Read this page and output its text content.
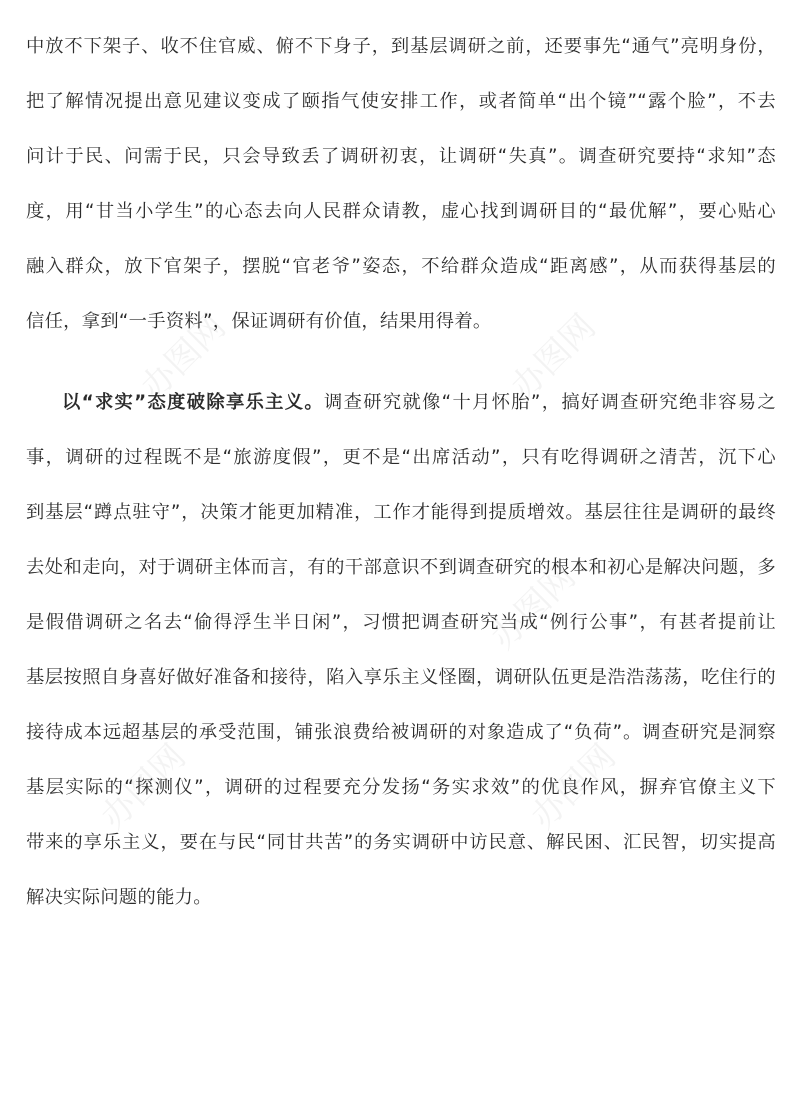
办图网	办图网
办图网
办图网	办图网
中放不下架子、收不住官威、俯不下身子，到基层调研之前，还要事先“通气”亮明身份，
把了解情况提出意见建议变成了颐指气使安排工作，或者简单“出个镜”“露个脸”，不去
问计于民、问需于民，只会导致丢了调研初衷，让调研“失真”。调查研究要持“求知”态
度，用“甘当小学生”的心态去向人民群众请教，虚心找到调研目的“最优解”，要心贴心
融入群众，放下官架子，摆脱“官老爷”姿态，不给群众造成“距离感”，从而获得基层的
信任，拿到“一手资料”，保证调研有价值，结果用得着。
以“求实”态度破除享乐主义。调查研究就像“十月怀胎”，搞好调查研究绝非容易之
事，调研的过程既不是“旅游度假”，更不是“出席活动”，只有吃得调研之清苦，沉下心
到基层“蹲点驻守”，决策才能更加精准，工作才能得到提质增效。基层往往是调研的最终
去处和走向，对于调研主体而言，有的干部意识不到调查研究的根本和初心是解决问题，多
是假借调研之名去“偷得浮生半日闲”，习惯把调查研究当成“例行公事”，有甚者提前让
基层按照自身喜好做好准备和接待，陷入享乐主义怪圈，调研队伍更是浩浩荡荡，吃住行的
接待成本远超基层的承受范围，铺张浪费给被调研的对象造成了“负荷”。调查研究是洞察
基层实际的“探测仪”，调研的过程要充分发扬“务实求效”的优良作风，摒弃官僚主义下
带来的享乐主义，要在与民“同甘共苦”的务实调研中访民意、解民困、汇民智，切实提高
解决实际问题的能力。
